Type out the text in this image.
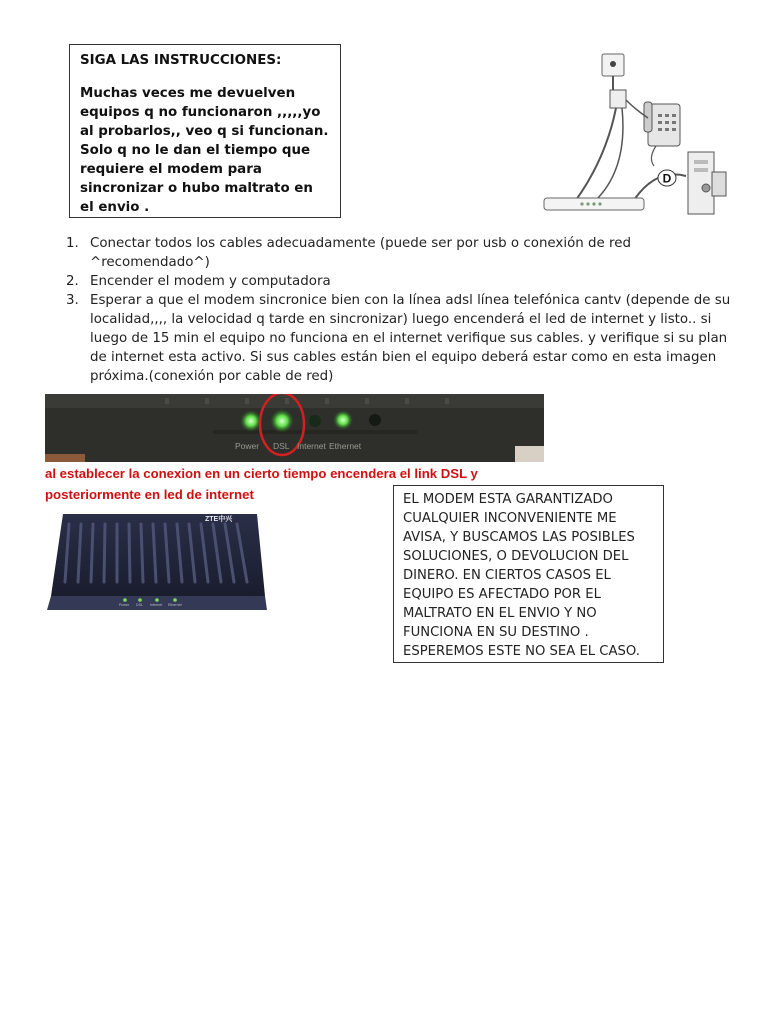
SIGA LAS INSTRUCCIONES:
Muchas veces me devuelven equipos q no funcionaron ,,,,,yo al probarlos,, veo q si funcionan. Solo q no le dan el tiempo que requiere el modem para sincronizar o hubo maltrato en el envio .
D
1. Conectar todos los cables adecuadamente (puede ser por usb o conexión de red ^recomendado^)
2. Encender el modem y computadora
3. Esperar a que el modem sincronice bien con la línea adsl línea telefónica cantv (depende de su localidad,,,, la velocidad q tarde en sincronizar) luego encenderá el led de internet y listo.. si luego de 15 min el equipo no funciona en el internet verifique sus cables. y verifique si su plan de internet esta activo. Si sus cables están bien el equipo deberá estar como en esta imagen próxima.(conexión por cable de red)
Power DSL Internet Ethernet
al establecer la conexion en un cierto tiempo encendera el link DSL y posteriormente en led de internet
ZTE中兴
Power DSL Internet Ethernet
EL MODEM ESTA GARANTIZADO CUALQUIER INCONVENIENTE ME AVISA, Y BUSCAMOS LAS POSIBLES SOLUCIONES, O DEVOLUCION DEL DINERO. EN CIERTOS CASOS EL EQUIPO ES AFECTADO POR EL MALTRATO EN EL ENVIO Y NO FUNCIONA EN SU DESTINO . ESPEREMOS ESTE NO SEA EL CASO.
